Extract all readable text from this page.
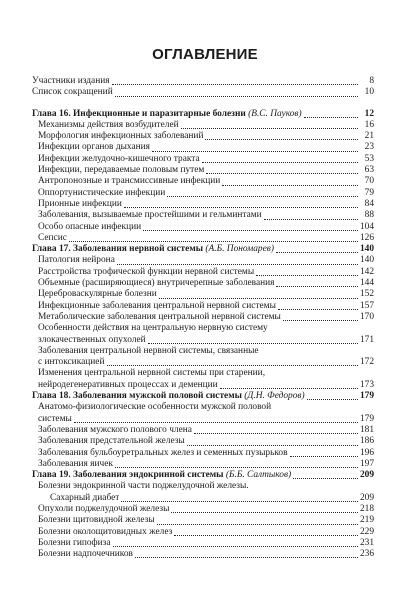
ОГЛАВЛЕНИЕ
Участники издания	8
Список сокращений	10
Глава 16. Инфекционные и паразитарные болезни (В.С. Пауков)	12
Механизмы действия возбудителей	16
Морфология инфекционных заболеваний	21
Инфекции органов дыхания	23
Инфекции желудочно-кишечного тракта	53
Инфекции, передаваемые половым путем	63
Антропонозные и трансмиссивные инфекции	70
Оппортунистические инфекции	79
Прионные инфекции	84
Заболевания, вызываемые простейшими и гельминтами	88
Особо опасные инфекции	104
Сепсис	126
Глава 17. Заболевания нервной системы (А.Б. Пономарев)	140
Патология нейрона	140
Расстройства трофической функции нервной системы	142
Объемные (расширяющиеся) внутричерепные заболевания	144
Цереброваскулярные болезни	152
Инфекционные заболевания центральной нервной системы	157
Метаболические заболевания центральной нервной системы	170
Особенности действия на центральную нервную систему
злокачественных опухолей	171
Заболевания центральной нервной системы, связанные
с интоксикацией	172
Изменения центральной нервной системы при старении,
нейродегенеративных процессах и деменции	173
Глава 18. Заболевания мужской половой системы (Д.Н. Федоров)	179
Анатомо-физиологические особенности мужской половой
системы	179
Заболевания мужского полового члена	181
Заболевания предстательной железы	186
Заболевания бульбоуретральных желез и семенных пузырьков	196
Заболевания яичек	197
Глава 19. Заболевания эндокринной системы (Б.Б. Салтыков)	209
Болезни эндокринной части поджелудочной железы.
Сахарный диабет	209
Опухоли поджелудочной железы	218
Болезни щитовидной железы	219
Болезни околощитовидных желез	229
Болезни гипофиза	231
Болезни надпочечников	236
